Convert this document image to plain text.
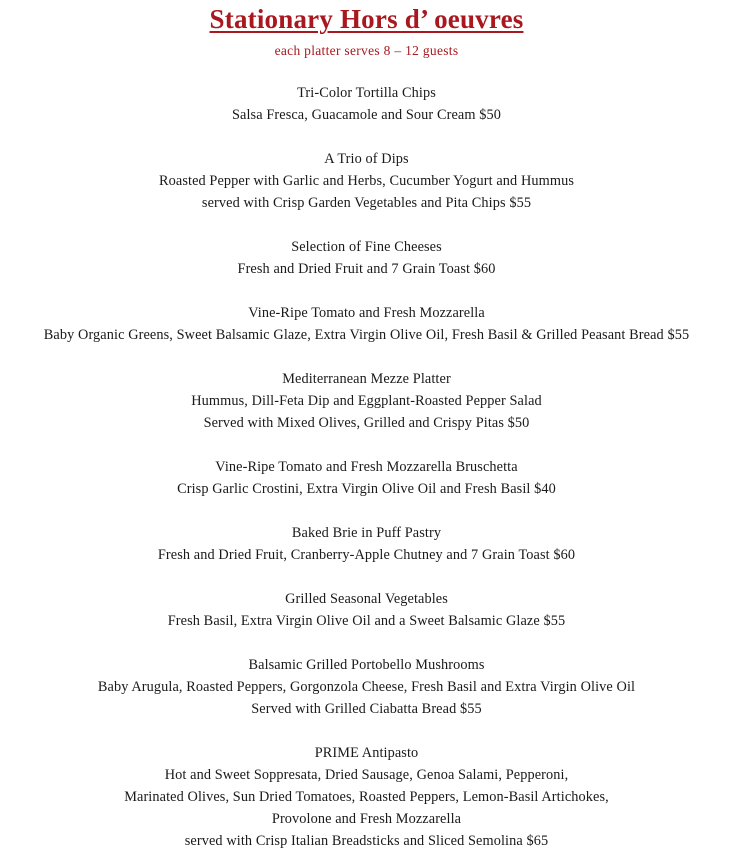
Stationary Hors d’ oeuvres
each platter serves 8 – 12 guests
Tri-Color Tortilla Chips
Salsa Fresca, Guacamole and Sour Cream $50
A Trio of Dips
Roasted Pepper with Garlic and Herbs, Cucumber Yogurt and Hummus
served with Crisp Garden Vegetables and Pita Chips $55
Selection of Fine Cheeses
Fresh and Dried Fruit and 7 Grain Toast $60
Vine-Ripe Tomato and Fresh Mozzarella
Baby Organic Greens, Sweet Balsamic Glaze, Extra Virgin Olive Oil, Fresh Basil & Grilled Peasant Bread $55
Mediterranean Mezze Platter
Hummus, Dill-Feta Dip and Eggplant-Roasted Pepper Salad
Served with Mixed Olives, Grilled and Crispy Pitas $50
Vine-Ripe Tomato and Fresh Mozzarella Bruschetta
Crisp Garlic Crostini, Extra Virgin Olive Oil and Fresh Basil $40
Baked Brie in Puff Pastry
Fresh and Dried Fruit, Cranberry-Apple Chutney and 7 Grain Toast $60
Grilled Seasonal Vegetables
Fresh Basil, Extra Virgin Olive Oil and a Sweet Balsamic Glaze $55
Balsamic Grilled Portobello Mushrooms
Baby Arugula, Roasted Peppers, Gorgonzola Cheese, Fresh Basil and Extra Virgin Olive Oil
Served with Grilled Ciabatta Bread $55
PRIME Antipasto
Hot and Sweet Soppresata, Dried Sausage, Genoa Salami, Pepperoni,
Marinated Olives, Sun Dried Tomatoes, Roasted Peppers, Lemon-Basil Artichokes,
Provolone and Fresh Mozzarella
served with Crisp Italian Breadsticks and Sliced Semolina $65
